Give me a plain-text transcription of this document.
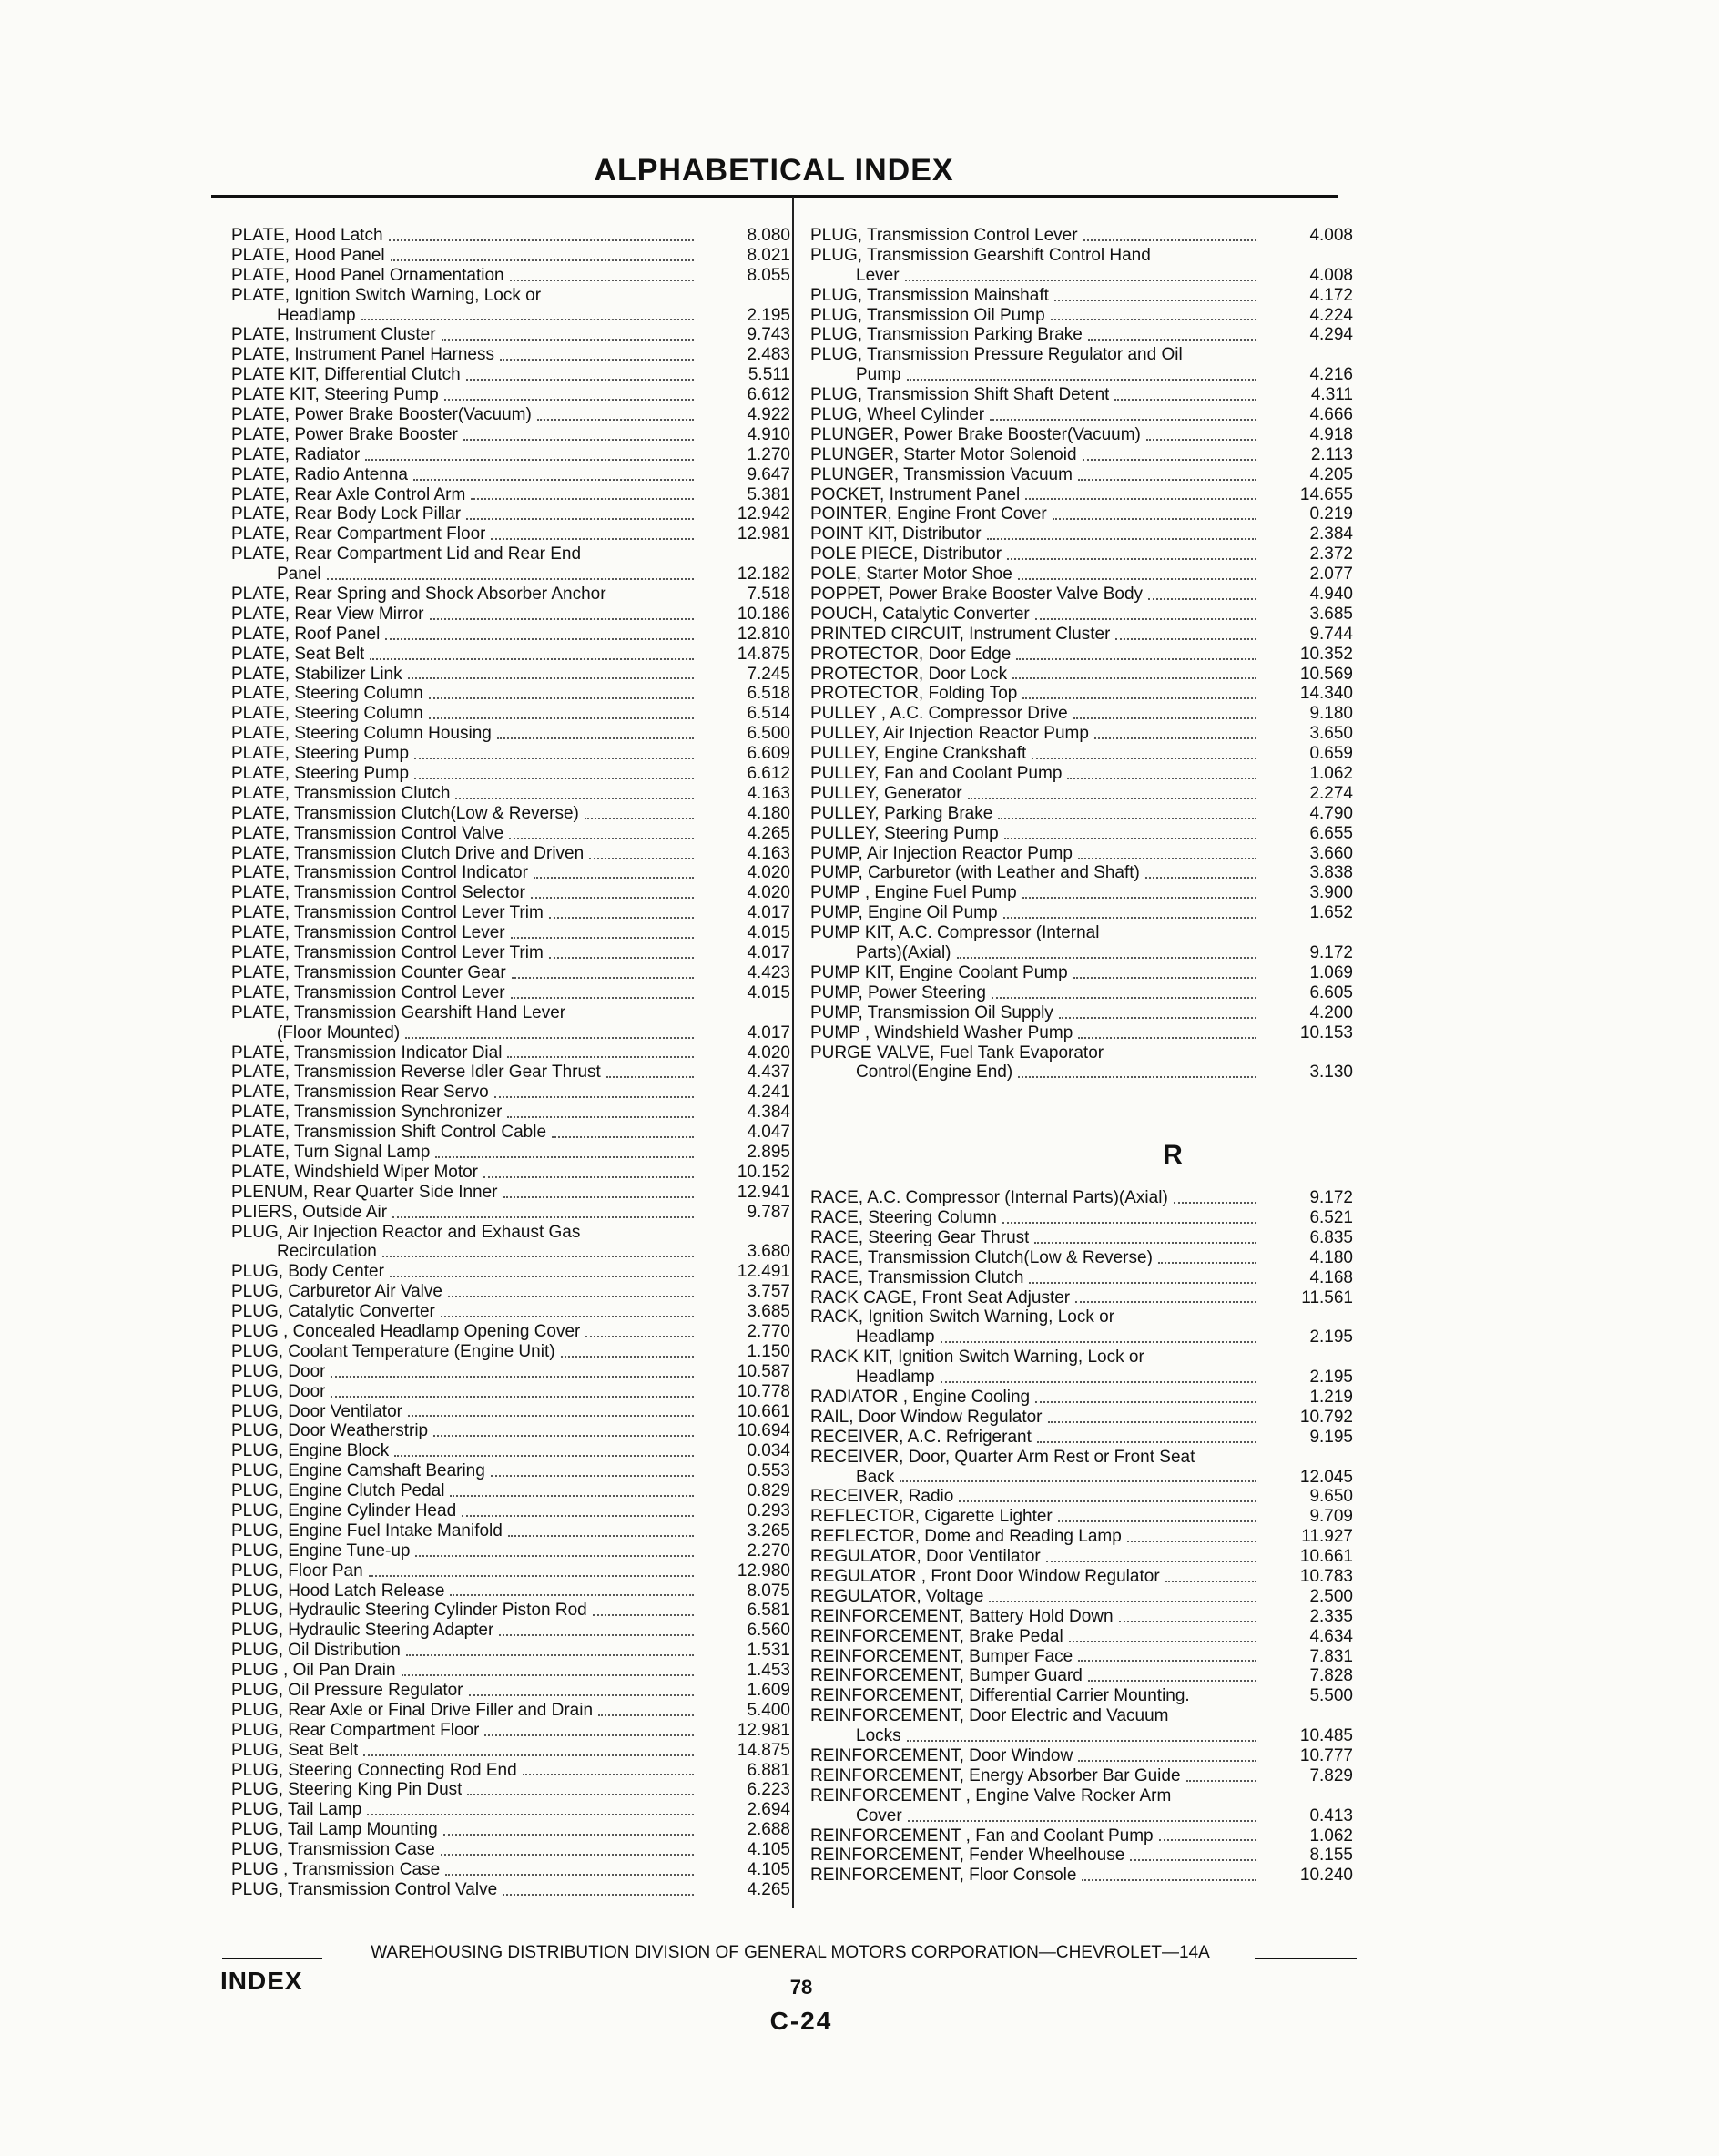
ALPHABETICAL INDEX
PLATE, Hood Latch	8.080
PLATE, Hood Panel	8.021
PLATE, Hood Panel Ornamentation	8.055
PLATE, Ignition Switch Warning, Lock or
Headlamp	2.195
PLATE, Instrument Cluster	9.743
PLATE, Instrument Panel Harness	2.483
PLATE KIT, Differential Clutch	5.511
PLATE KIT, Steering Pump	6.612
PLATE, Power Brake Booster(Vacuum)	4.922
PLATE, Power Brake Booster	4.910
PLATE, Radiator	1.270
PLATE, Radio Antenna	9.647
PLATE, Rear Axle Control Arm	5.381
PLATE, Rear Body Lock Pillar	12.942
PLATE, Rear Compartment Floor	12.981
PLATE, Rear Compartment Lid and Rear End
Panel	12.182
PLATE, Rear Spring and Shock Absorber Anchor	7.518
PLATE, Rear View Mirror	10.186
PLATE, Roof Panel	12.810
PLATE, Seat Belt	14.875
PLATE, Stabilizer Link	7.245
PLATE, Steering Column	6.518
PLATE, Steering Column	6.514
PLATE, Steering Column Housing	6.500
PLATE, Steering Pump	6.609
PLATE, Steering Pump	6.612
PLATE, Transmission Clutch	4.163
PLATE, Transmission Clutch(Low & Reverse)	4.180
PLATE, Transmission Control Valve	4.265
PLATE, Transmission Clutch Drive and Driven	4.163
PLATE, Transmission Control Indicator	4.020
PLATE, Transmission Control Selector	4.020
PLATE, Transmission Control Lever Trim	4.017
PLATE, Transmission Control Lever	4.015
PLATE, Transmission Control Lever Trim	4.017
PLATE, Transmission Counter Gear	4.423
PLATE, Transmission Control Lever	4.015
PLATE, Transmission Gearshift Hand Lever
(Floor Mounted)	4.017
PLATE, Transmission Indicator Dial	4.020
PLATE, Transmission Reverse Idler Gear Thrust	4.437
PLATE, Transmission Rear Servo	4.241
PLATE, Transmission Synchronizer	4.384
PLATE, Transmission Shift Control Cable	4.047
PLATE, Turn Signal Lamp	2.895
PLATE, Windshield Wiper Motor	10.152
PLENUM, Rear Quarter Side Inner	12.941
PLIERS, Outside Air	9.787
PLUG, Air Injection Reactor and Exhaust Gas
Recirculation	3.680
PLUG, Body Center	12.491
PLUG, Carburetor Air Valve	3.757
PLUG, Catalytic Converter	3.685
PLUG , Concealed Headlamp Opening Cover	2.770
PLUG, Coolant Temperature (Engine Unit)	1.150
PLUG, Door	10.587
PLUG, Door	10.778
PLUG, Door Ventilator	10.661
PLUG, Door Weatherstrip	10.694
PLUG, Engine Block	0.034
PLUG, Engine Camshaft Bearing	0.553
PLUG, Engine Clutch Pedal	0.829
PLUG, Engine Cylinder Head	0.293
PLUG, Engine Fuel Intake Manifold	3.265
PLUG, Engine Tune-up	2.270
PLUG, Floor Pan	12.980
PLUG, Hood Latch Release	8.075
PLUG, Hydraulic Steering Cylinder Piston Rod	6.581
PLUG, Hydraulic Steering Adapter	6.560
PLUG, Oil Distribution	1.531
PLUG , Oil Pan Drain	1.453
PLUG, Oil Pressure Regulator	1.609
PLUG, Rear Axle or Final Drive Filler and Drain	5.400
PLUG, Rear Compartment Floor	12.981
PLUG, Seat Belt	14.875
PLUG, Steering Connecting Rod End	6.881
PLUG, Steering King Pin Dust	6.223
PLUG, Tail Lamp	2.694
PLUG, Tail Lamp Mounting	2.688
PLUG, Transmission Case	4.105
PLUG , Transmission Case	4.105
PLUG, Transmission Control Valve	4.265
PLUG, Transmission Control Lever	4.008
PLUG, Transmission Gearshift Control Hand
Lever	4.008
PLUG, Transmission Mainshaft	4.172
PLUG, Transmission Oil Pump	4.224
PLUG, Transmission Parking Brake	4.294
PLUG, Transmission Pressure Regulator and Oil
Pump	4.216
PLUG, Transmission Shift Shaft Detent	4.311
PLUG, Wheel Cylinder	4.666
PLUNGER, Power Brake Booster(Vacuum)	4.918
PLUNGER, Starter Motor Solenoid	2.113
PLUNGER, Transmission Vacuum	4.205
POCKET, Instrument Panel	14.655
POINTER, Engine Front Cover	0.219
POINT KIT, Distributor	2.384
POLE PIECE, Distributor	2.372
POLE, Starter Motor Shoe	2.077
POPPET, Power Brake Booster Valve Body	4.940
POUCH, Catalytic Converter	3.685
PRINTED CIRCUIT, Instrument Cluster	9.744
PROTECTOR, Door Edge	10.352
PROTECTOR, Door Lock	10.569
PROTECTOR, Folding Top	14.340
PULLEY , A.C. Compressor Drive	9.180
PULLEY, Air Injection Reactor Pump	3.650
PULLEY, Engine Crankshaft	0.659
PULLEY, Fan and Coolant Pump	1.062
PULLEY, Generator	2.274
PULLEY, Parking Brake	4.790
PULLEY, Steering Pump	6.655
PUMP, Air Injection Reactor Pump	3.660
PUMP, Carburetor (with Leather and Shaft)	3.838
PUMP , Engine Fuel Pump	3.900
PUMP, Engine Oil Pump	1.652
PUMP KIT, A.C. Compressor (Internal
Parts)(Axial)	9.172
PUMP KIT, Engine Coolant Pump	1.069
PUMP, Power Steering	6.605
PUMP, Transmission Oil Supply	4.200
PUMP , Windshield Washer Pump	10.153
PURGE VALVE, Fuel Tank Evaporator
Control(Engine End)	3.130
R
RACE, A.C. Compressor (Internal Parts)(Axial)	9.172
RACE, Steering Column	6.521
RACE, Steering Gear Thrust	6.835
RACE, Transmission Clutch(Low & Reverse)	4.180
RACE, Transmission Clutch	4.168
RACK CAGE, Front Seat Adjuster	11.561
RACK, Ignition Switch Warning, Lock or
Headlamp	2.195
RACK KIT, Ignition Switch Warning, Lock or
Headlamp	2.195
RADIATOR , Engine Cooling	1.219
RAIL, Door Window Regulator	10.792
RECEIVER, A.C. Refrigerant	9.195
RECEIVER, Door, Quarter Arm Rest or Front Seat
Back	12.045
RECEIVER, Radio	9.650
REFLECTOR, Cigarette Lighter	9.709
REFLECTOR, Dome and Reading Lamp	11.927
REGULATOR, Door Ventilator	10.661
REGULATOR , Front Door Window Regulator	10.783
REGULATOR, Voltage	2.500
REINFORCEMENT, Battery Hold Down	2.335
REINFORCEMENT, Brake Pedal	4.634
REINFORCEMENT, Bumper Face	7.831
REINFORCEMENT, Bumper Guard	7.828
REINFORCEMENT, Differential Carrier Mounting.	5.500
REINFORCEMENT, Door Electric and Vacuum
Locks	10.485
REINFORCEMENT, Door Window	10.777
REINFORCEMENT, Energy Absorber Bar Guide	7.829
REINFORCEMENT , Engine Valve Rocker Arm
Cover	0.413
REINFORCEMENT , Fan and Coolant Pump	1.062
REINFORCEMENT, Fender Wheelhouse	8.155
REINFORCEMENT, Floor Console	10.240
WAREHOUSING DISTRIBUTION DIVISION OF GENERAL MOTORS CORPORATION—CHEVROLET—14A
INDEX	78
C-24
